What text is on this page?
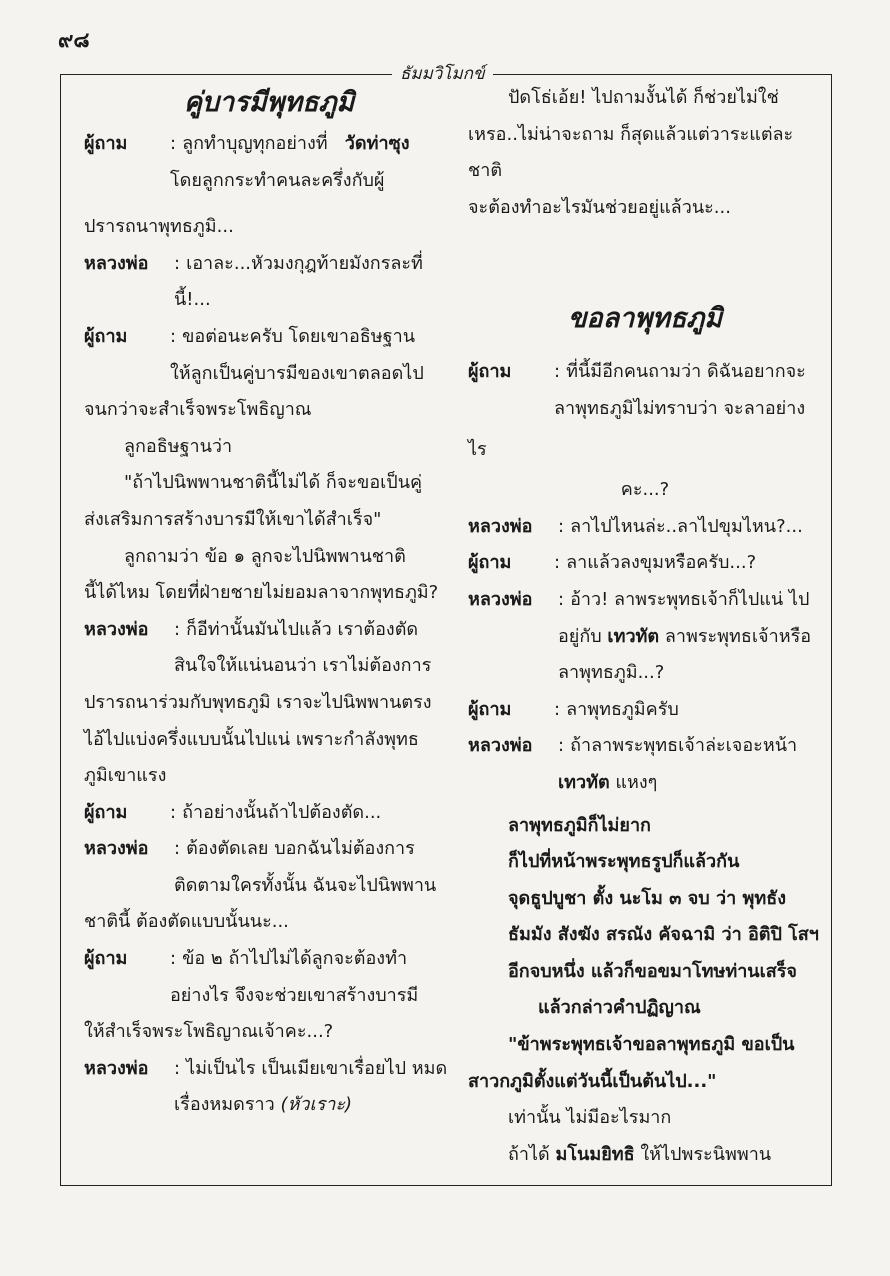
๙๘
ธัมมวิโมกข์
คู่บารมีพุทธภูมิ
ผู้ถาม	: ลูกทำบุญทุกอย่างที่ วัดท่าซุง
โดยลูกกระทำคนละครึ่งกับผู้
ปรารถนาพุทธภูมิ...
หลวงพ่อ	: เอาละ...หัวมงกุฎท้ายมังกรละที่
นี้!...
ผู้ถาม	: ขอต่อนะครับ โดยเขาอธิษฐาน
ให้ลูกเป็นคู่บารมีของเขาตลอดไป
จนกว่าจะสำเร็จพระโพธิญาณ
ลูกอธิษฐานว่า
"ถ้าไปนิพพานชาตินี้ไม่ได้ ก็จะขอเป็นคู่
ส่งเสริมการสร้างบารมีให้เขาได้สำเร็จ"
ลูกถามว่า ข้อ ๑ ลูกจะไปนิพพานชาติ
นี้ได้ไหม โดยที่ฝ่ายชายไม่ยอมลาจากพุทธภูมิ?
หลวงพ่อ	: ก็อีท่านั้นมันไปแล้ว เราต้องตัด
สินใจให้แน่นอนว่า เราไม่ต้องการ
ปรารถนาร่วมกับพุทธภูมิ เราจะไปนิพพานตรง
ไอ้ไปแบ่งครึ่งแบบนั้นไปแน่ เพราะกำลังพุทธ
ภูมิเขาแรง
ผู้ถาม	: ถ้าอย่างนั้นถ้าไปต้องตัด...
หลวงพ่อ	: ต้องตัดเลย บอกฉันไม่ต้องการ
ติดตามใครทั้งนั้น ฉันจะไปนิพพาน
ชาตินี้ ต้องตัดแบบนั้นนะ...
ผู้ถาม	: ข้อ ๒ ถ้าไปไม่ได้ลูกจะต้องทำ
อย่างไร จึงจะช่วยเขาสร้างบารมี
ให้สำเร็จพระโพธิญาณเจ้าคะ...?
หลวงพ่อ	: ไม่เป็นไร เป็นเมียเขาเรื่อยไป หมด
เรื่องหมดราว (หัวเราะ)
ปัดโธ่เอ้ย! ไปถามงั้นได้ ก็ช่วยไม่ใช่
เหรอ..ไม่น่าจะถาม ก็สุดแล้วแต่วาระแต่ละชาติ
จะต้องทำอะไรมันช่วยอยู่แล้วนะ...
ขอลาพุทธภูมิ
ผู้ถาม	: ที่นี้มีอีกคนถามว่า ดิฉันอยากจะ
ลาพุทธภูมิไม่ทราบว่า จะลาอย่าง
ไร
คะ...?
หลวงพ่อ	: ลาไปไหนล่ะ..ลาไปขุมไหน?...
ผู้ถาม	: ลาแล้วลงขุมหรือครับ...?
หลวงพ่อ	: อ้าว! ลาพระพุทธเจ้าก็ไปแน่ ไป
อยู่กับ เทวทัต ลาพระพุทธเจ้าหรือ
ลาพุทธภูมิ...?
ผู้ถาม	: ลาพุทธภูมิครับ
หลวงพ่อ	: ถ้าลาพระพุทธเจ้าล่ะเจอะหน้า
เทวทัต แหงๆ
ลาพุทธภูมิก็ไม่ยาก
ก็ไปที่หน้าพระพุทธรูปก็แล้วกัน
จุดธูปบูชา ตั้ง นะโม ๓ จบ ว่า พุทธัง
ธัมมัง สังฆัง สรณัง คัจฉามิ ว่า อิติปิ โสฯ
อีกจบหนึ่ง แล้วก็ขอขมาโทษท่านเสร็จ
แล้วกล่าวคำปฏิญาณ
"ข้าพระพุทธเจ้าขอลาพุทธภูมิ ขอเป็น
สาวกภูมิตั้งแต่วันนี้เป็นต้นไป..."
เท่านั้น ไม่มีอะไรมาก
ถ้าได้ มโนมยิทธิ ให้ไปพระนิพพาน
